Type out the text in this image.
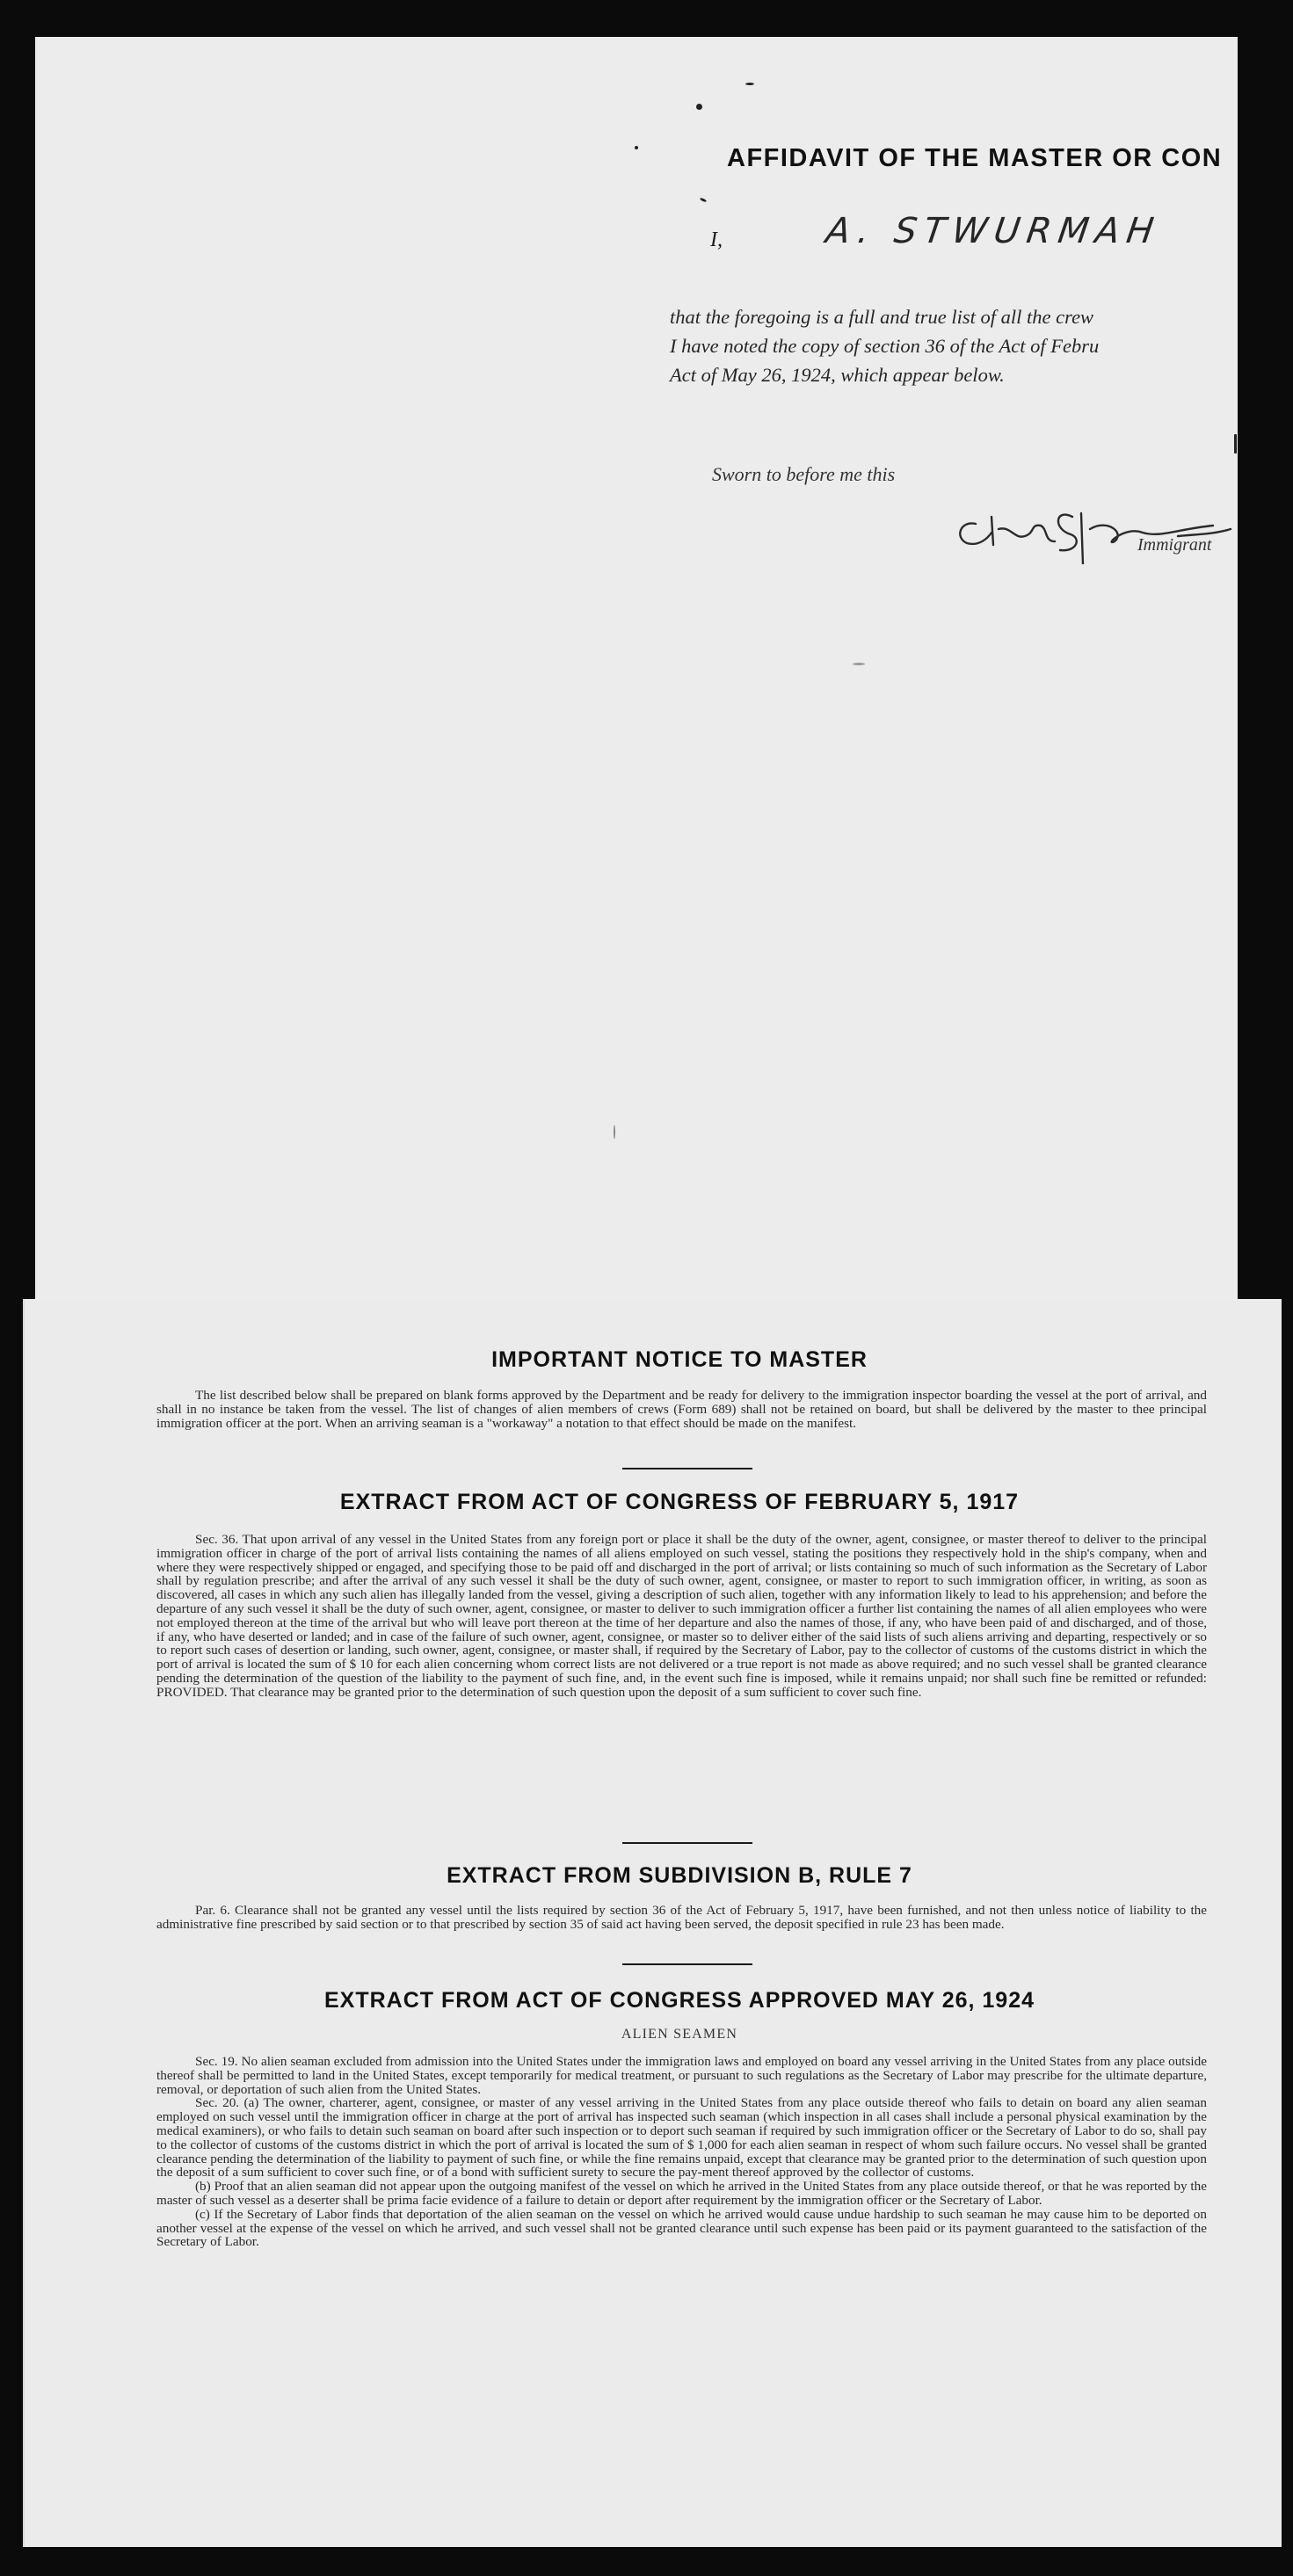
AFFIDAVIT OF THE MASTER OR CON
I,	A. STWURMAH
that the foregoing is a full and true list of all the crew
I have noted the copy of section 36 of the Act of Febru
Act of May 26, 1924, which appear below.
Sworn to before me this
Immigrant
IMPORTANT NOTICE TO MASTER

The list described below shall be prepared on blank forms approved by the Department and be ready for delivery to the immigration inspector boarding the vessel at the port of arrival, and shall in no instance be taken from the vessel. The list of changes of alien members of crews (Form 689) shall not be retained on board, but shall be delivered by the master to thee principal immigration officer at the port. When an arriving seaman is a "workaway" a notation to that effect should be made on the manifest.

EXTRACT FROM ACT OF CONGRESS OF FEBRUARY 5, 1917

Sec. 36. That upon arrival of any vessel in the United States from any foreign port or place it shall be the duty of the owner, agent, consignee, or master thereof to deliver to the principal immigration officer in charge of the port of arrival lists containing the names of all aliens employed on such vessel, stating the positions they respectively hold in the ship's company, when and where they were respectively shipped or engaged, and specifying those to be paid off and discharged in the port of arrival; or lists containing so much of such information as the Secretary of Labor shall by regulation prescribe; and after the arrival of any such vessel it shall be the duty of such owner, agent, consignee, or master to report to such immigration officer, in writing, as soon as discovered, all cases in which any such alien has illegally landed from the vessel, giving a description of such alien, together with any information likely to lead to his apprehension; and before the departure of any such vessel it shall be the duty of such owner, agent, consignee, or master to deliver to such immigration officer a further list containing the names of all alien employees who were not employed thereon at the time of the arrival but who will leave port thereon at the time of her departure and also the names of those, if any, who have been paid of and discharged, and of those, if any, who have deserted or landed; and in case of the failure of such owner, agent, consignee, or master so to deliver either of the said lists of such aliens arriving and departing, respectively or so to report such cases of desertion or landing, such owner, agent, consignee, or master shall, if required by the Secretary of Labor, pay to the collector of customs of the customs district in which the port of arrival is located the sum of $ 10 for each alien concerning whom correct lists are not delivered or a true report is not made as above required; and no such vessel shall be granted clearance pending the determination of the question of the liability to the payment of such fine, and, in the event such fine is imposed, while it remains unpaid; nor shall such fine be remitted or refunded: PROVIDED. That clearance may be granted prior to the determination of such question upon the deposit of a sum sufficient to cover such fine.

EXTRACT FROM SUBDIVISION B, RULE 7

Par. 6. Clearance shall not be granted any vessel until the lists required by section 36 of the Act of February 5, 1917, have been furnished, and not then unless notice of liability to the administrative fine prescribed by said section or to that prescribed by section 35 of said act having been served, the deposit specified in rule 23 has been made.

EXTRACT FROM ACT OF CONGRESS APPROVED MAY 26, 1924
ALIEN SEAMEN

Sec. 19. No alien seaman excluded from admission into the United States under the immigration laws and employed on board any vessel arriving in the United States from any place outside thereof shall be permitted to land in the United States, except temporarily for medical treatment, or pursuant to such regulations as the Secretary of Labor may prescribe for the ultimate departure, removal, or deportation of such alien from the United States.

Sec. 20. (a) The owner, charterer, agent, consignee, or master of any vessel arriving in the United States from any place outside thereof who fails to detain on board any alien seaman employed on such vessel until the immigration officer in charge at the port of arrival has inspected such seaman (which inspection in all cases shall include a personal physical examination by the medical examiners), or who fails to detain such seaman on board after such inspection or to deport such seaman if required by such immigration officer or the Secretary of Labor to do so, shall pay to the collector of customs of the customs district in which the port of arrival is located the sum of $ 1,000 for each alien seaman in respect of whom such failure occurs. No vessel shall be granted clearance pending the determination of the liability to payment of such fine, or while the fine remains unpaid, except that clearance may be granted prior to the determination of such question upon the deposit of a sum sufficient to cover such fine, or of a bond with sufficient surety to secure the pay-ment thereof approved by the collector of customs.

(b) Proof that an alien seaman did not appear upon the outgoing manifest of the vessel on which he arrived in the United States from any place outside thereof, or that he was reported by the master of such vessel as a deserter shall be prima facie evidence of a failure to detain or deport after requirement by the immigration officer or the Secretary of Labor.

(c) If the Secretary of Labor finds that deportation of the alien seaman on the vessel on which he arrived would cause undue hardship to such seaman he may cause him to be deported on another vessel at the expense of the vessel on which he arrived, and such vessel shall not be granted clearance until such expense has been paid or its payment guaranteed to the satisfaction of the Secretary of Labor.
